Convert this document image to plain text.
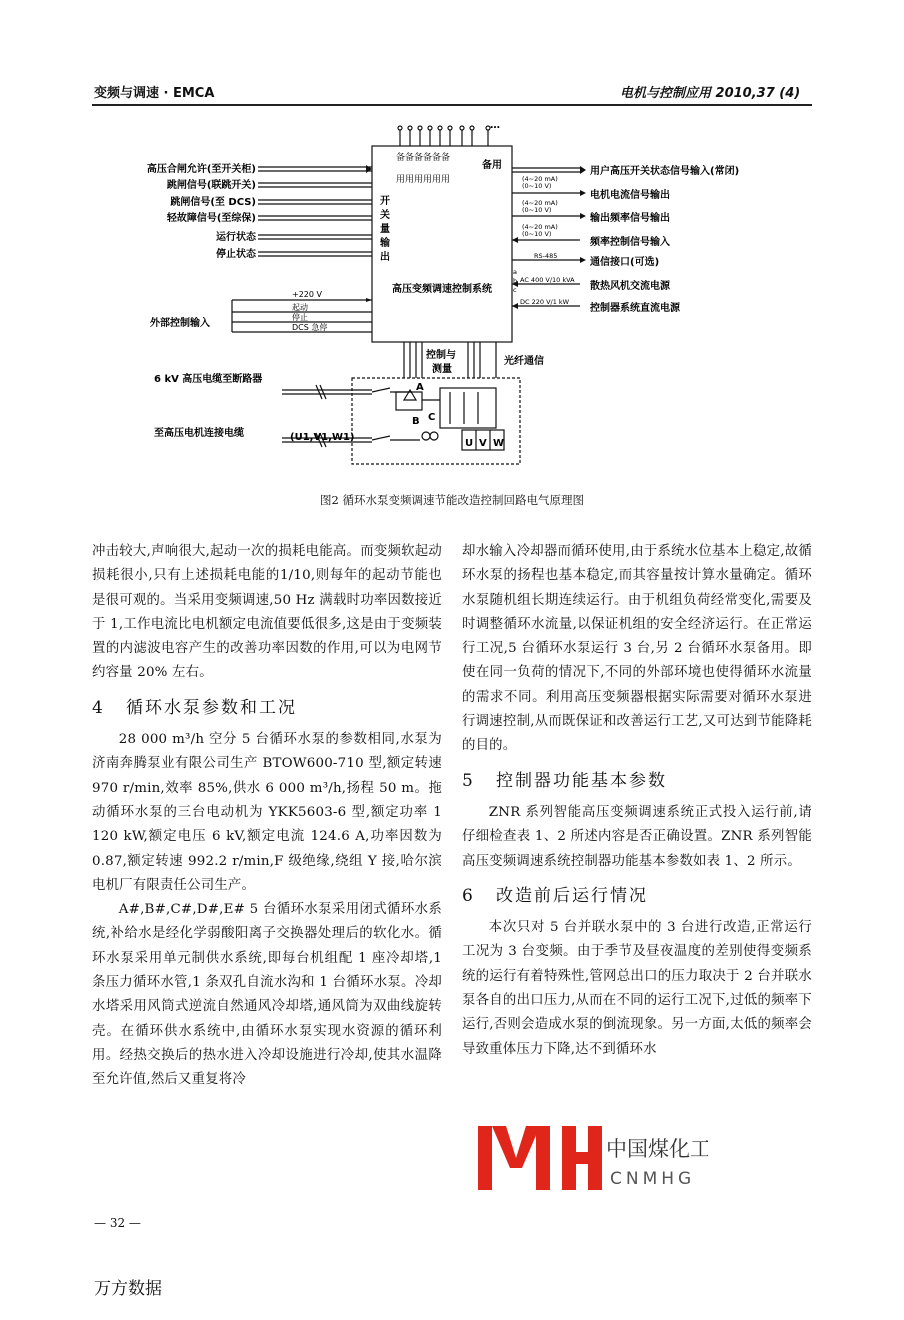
变频与调速 · EMCA	电机与控制应用 2010,37 (4)
高压合闸允许(至开关柜)
跳闸信号(联跳开关)
跳闸信号(至 DCS)
轻故障信号(至综保)
运行状态
停止状态
开
关
量
输
出
备备备备备备
用用用用用用
备用
…
高压变频调速控制系统
用户高压开关状态信号输入(常闭)
电机电流信号输出
输出频率信号输出
频率控制信号输入
通信接口(可选)
散热风机交流电源
控制器系统直流电源
(4~20 mA)
(0~10 V)
(4~20 mA)
(0~10 V)
(4~20 mA)
(0~10 V)
RS-485
AC 400 V/10 kVA
DC 220 V/1 kW
a
b
c
外部控制输入
+220 V
起动
停止
DCS 急停
控制与
测量
光纤通信
6 kV 高压电缆至断路器
至高压电机连接电缆	(U1,V1,W1)
A
B C
U V W
图2 循环水泵变频调速节能改造控制回路电气原理图

冲击较大,声响很大,起动一次的损耗电能高。而变频软起动损耗很小,只有上述损耗电能的1/10,则每年的起动节能也是很可观的。当采用变频调速,50 Hz 满载时功率因数接近于 1,工作电流比电机额定电流值要低很多,这是由于变频装置的内滤波电容产生的改善功率因数的作用,可以为电网节约容量 20% 左右。

4 循环水泵参数和工况

28 000 m³/h 空分 5 台循环水泵的参数相同,水泵为济南奔腾泵业有限公司生产 BTOW600-710 型,额定转速 970 r/min,效率 85%,供水 6 000 m³/h,扬程 50 m。拖动循环水泵的三台电动机为 YKK5603-6 型,额定功率 1 120 kW,额定电压 6 kV,额定电流 124.6 A,功率因数为 0.87,额定转速 992.2 r/min,F 级绝缘,绕组 Y 接,哈尔滨电机厂有限责任公司生产。

A#,B#,C#,D#,E# 5 台循环水泵采用闭式循环水系统,补给水是经化学弱酸阳离子交换器处理后的软化水。循环水泵采用单元制供水系统,即每台机组配 1 座冷却塔,1 条压力循环水管,1 条双孔自流水沟和 1 台循环水泵。冷却水塔采用风筒式逆流自然通风冷却塔,通风筒为双曲线旋转壳。在循环供水系统中,由循环水泵实现水资源的循环利用。经热交换后的热水进入冷却设施进行冷却,使其水温降至允许值,然后又重复将冷

却水输入冷却器而循环使用,由于系统水位基本上稳定,故循环水泵的扬程也基本稳定,而其容量按计算水量确定。循环水泵随机组长期连续运行。由于机组负荷经常变化,需要及时调整循环水流量,以保证机组的安全经济运行。在正常运行工况,5 台循环水泵运行 3 台,另 2 台循环水泵备用。即使在同一负荷的情况下,不同的外部环境也使得循环水流量的需求不同。利用高压变频器根据实际需要对循环水泵进行调速控制,从而既保证和改善运行工艺,又可达到节能降耗的目的。

5 控制器功能基本参数

ZNR 系列智能高压变频调速系统正式投入运行前,请仔细检查表 1、2 所述内容是否正确设置。ZNR 系列智能高压变频调速系统控制器功能基本参数如表 1、2 所示。

6 改造前后运行情况

本次只对 5 台并联水泵中的 3 台进行改造,正常运行工况为 3 台变频。由于季节及昼夜温度的差别使得变频系统的运行有着特殊性,管网总出口的压力取决于 2 台并联水泵各自的出口压力,从而在不同的运行工况下,过低的频率下运行,否则会造成水泵的倒流现象。另一方面,太低的频率会导致重体压力下降,达不到循环水

中国煤化工
CNMHG
— 32 —
万方数据
